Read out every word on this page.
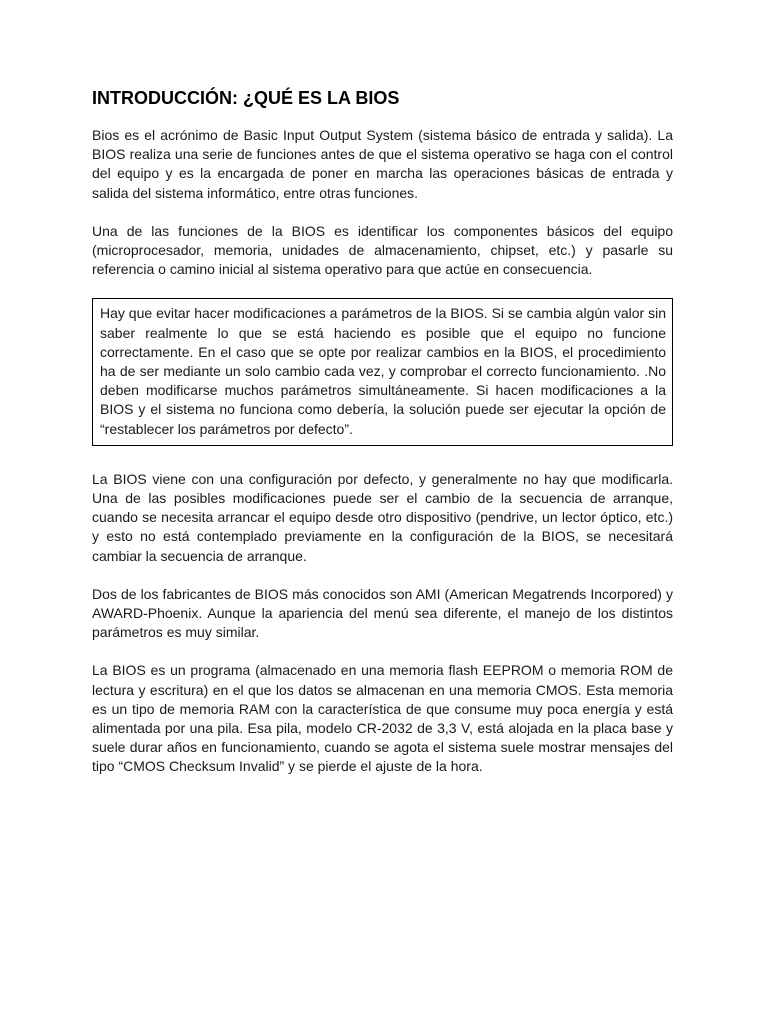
INTRODUCCIÓN: ¿QUÉ ES LA BIOS

Bios es el acrónimo de Basic Input Output System (sistema básico de entrada y salida). La BIOS realiza una serie de funciones antes de que el sistema operativo se haga con el control del equipo y es la encargada de poner en marcha las operaciones básicas de entrada y salida del sistema informático, entre otras funciones.

Una de las funciones de la BIOS es identificar los componentes básicos del equipo (microprocesador, memoria, unidades de almacenamiento, chipset, etc.) y pasarle su referencia o camino inicial al sistema operativo para que actúe en consecuencia.

Hay que evitar hacer modificaciones a parámetros de la BIOS. Si se cambia algún valor sin saber realmente lo que se está haciendo es posible que el equipo no funcione correctamente. En el caso que se opte por realizar cambios en la BIOS, el procedimiento ha de ser mediante un solo cambio cada vez, y comprobar el correcto funcionamiento. .No deben modificarse muchos parámetros simultáneamente. Si hacen modificaciones a la BIOS y el sistema no funciona como debería, la solución puede ser ejecutar la opción de “restablecer los parámetros por defecto”.

La BIOS viene con una configuración por defecto, y generalmente no hay que modificarla. Una de las posibles modificaciones puede ser el cambio de la secuencia de arranque, cuando se necesita arrancar el equipo desde otro dispositivo (pendrive, un lector óptico, etc.) y esto no está contemplado previamente en la configuración de la BIOS, se necesitará cambiar la secuencia de arranque.

Dos de los fabricantes de BIOS más conocidos son AMI (American Megatrends Incorpored) y AWARD-Phoenix. Aunque la apariencia del menú sea diferente, el manejo de los distintos parámetros es muy similar.

La BIOS es un programa (almacenado en una memoria flash EEPROM o memoria ROM de lectura y escritura) en el que los datos se almacenan en una memoria CMOS. Esta memoria es un tipo de memoria RAM con la característica de que consume muy poca energía y está alimentada por una pila. Esa pila, modelo CR-2032 de 3,3 V, está alojada en la placa base y suele durar años en funcionamiento, cuando se agota el sistema suele mostrar mensajes del tipo “CMOS Checksum Invalid” y se pierde el ajuste de la hora.
